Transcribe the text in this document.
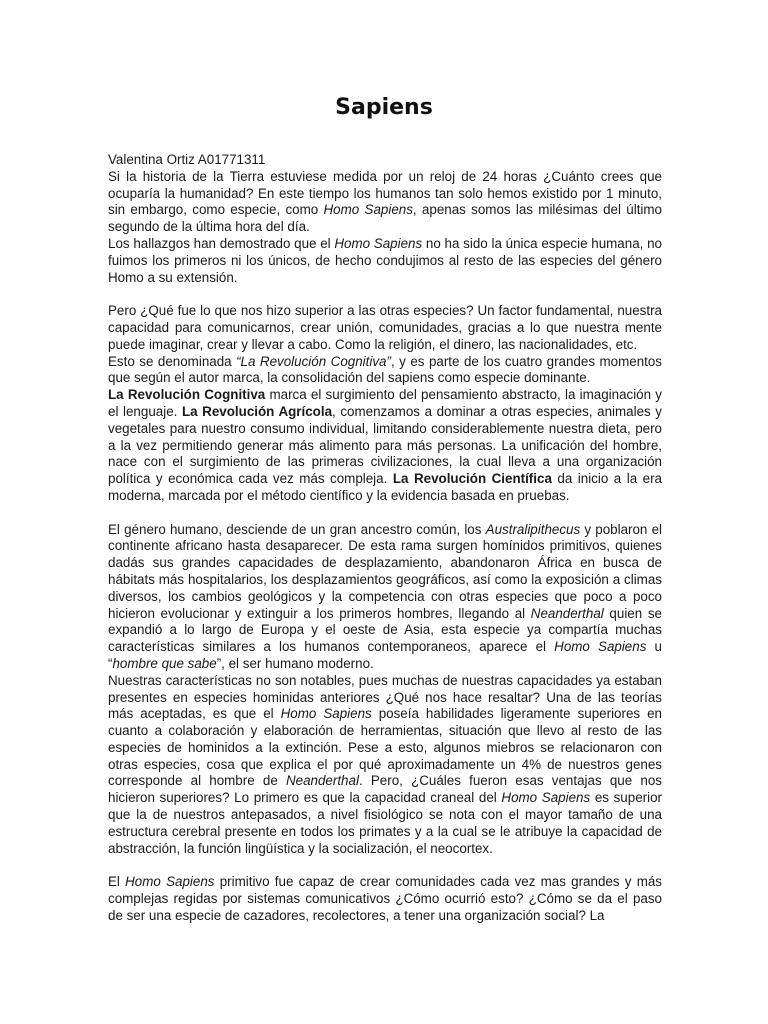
Sapiens

Valentina Ortiz A01771311

Si la historia de la Tierra estuviese medida por un reloj de 24 horas ¿Cuánto crees que ocuparía la humanidad? En este tiempo los humanos tan solo hemos existido por 1 minuto, sin embargo, como especie, como Homo Sapiens, apenas somos las milésimas del último segundo de la última hora del día.

Los hallazgos han demostrado que el Homo Sapiens no ha sido la única especie humana, no fuimos los primeros ni los únicos, de hecho condujimos al resto de las especies del género Homo a su extensión.

Pero ¿Qué fue lo que nos hizo superior a las otras especies? Un factor fundamental, nuestra capacidad para comunicarnos, crear unión, comunidades, gracias a lo que nuestra mente puede imaginar, crear y llevar a cabo. Como la religión, el dinero, las nacionalidades, etc.

Esto se denominada “La Revolución Cognitiva”, y es parte de los cuatro grandes momentos que según el autor marca, la consolidación del sapiens como especie dominante.

La Revolución Cognitiva marca el surgimiento del pensamiento abstracto, la imaginación y el lenguaje. La Revolución Agrícola, comenzamos a dominar a otras especies, animales y vegetales para nuestro consumo individual, limitando considerablemente nuestra dieta, pero a la vez permitiendo generar más alimento para más personas. La unificación del hombre, nace con el surgimiento de las primeras civilizaciones, la cual lleva a una organización política y económica cada vez más compleja. La Revolución Científica da inicio a la era moderna, marcada por el método científico y la evidencia basada en pruebas.

El género humano, desciende de un gran ancestro común, los Australipithecus y poblaron el continente africano hasta desaparecer. De esta rama surgen homínidos primitivos, quienes dadás sus grandes capacidades de desplazamiento, abandonaron África en busca de hábitats más hospitalarios, los desplazamientos geográficos, así como la exposición a climas diversos, los cambios geológicos y la competencia con otras especies que poco a poco hicieron evolucionar y extinguir a los primeros hombres, llegando al Neanderthal quien se expandió a lo largo de Europa y el oeste de Asia, esta especie ya compartía muchas características similares a los humanos contemporaneos, aparece el Homo Sapiens u “hombre que sabe”, el ser humano moderno.

Nuestras características no son notables, pues muchas de nuestras capacidades ya estaban presentes en especies hominidas anteriores ¿Qué nos hace resaltar? Una de las teorías más aceptadas, es que el Homo Sapiens poseía habilidades ligeramente superiores en cuanto a colaboración y elaboración de herramientas, situación que llevo al resto de las especies de hominidos a la extinción. Pese a esto, algunos miebros se relacionaron con otras especies, cosa que explica el por qué aproximadamente un 4% de nuestros genes corresponde al hombre de Neanderthal. Pero, ¿Cuáles fueron esas ventajas que nos hicieron superiores? Lo primero es que la capacidad craneal del Homo Sapiens es superior que la de nuestros antepasados, a nivel fisiológico se nota con el mayor tamaño de una estructura cerebral presente en todos los primates y a la cual se le atribuye la capacidad de abstracción, la función lingüística y la socialización, el neocortex.

El Homo Sapiens primitivo fue capaz de crear comunidades cada vez mas grandes y más complejas regidas por sistemas comunicativos ¿Cómo ocurrió esto? ¿Cómo se da el paso de ser una especie de cazadores, recolectores, a tener una organización social? La
